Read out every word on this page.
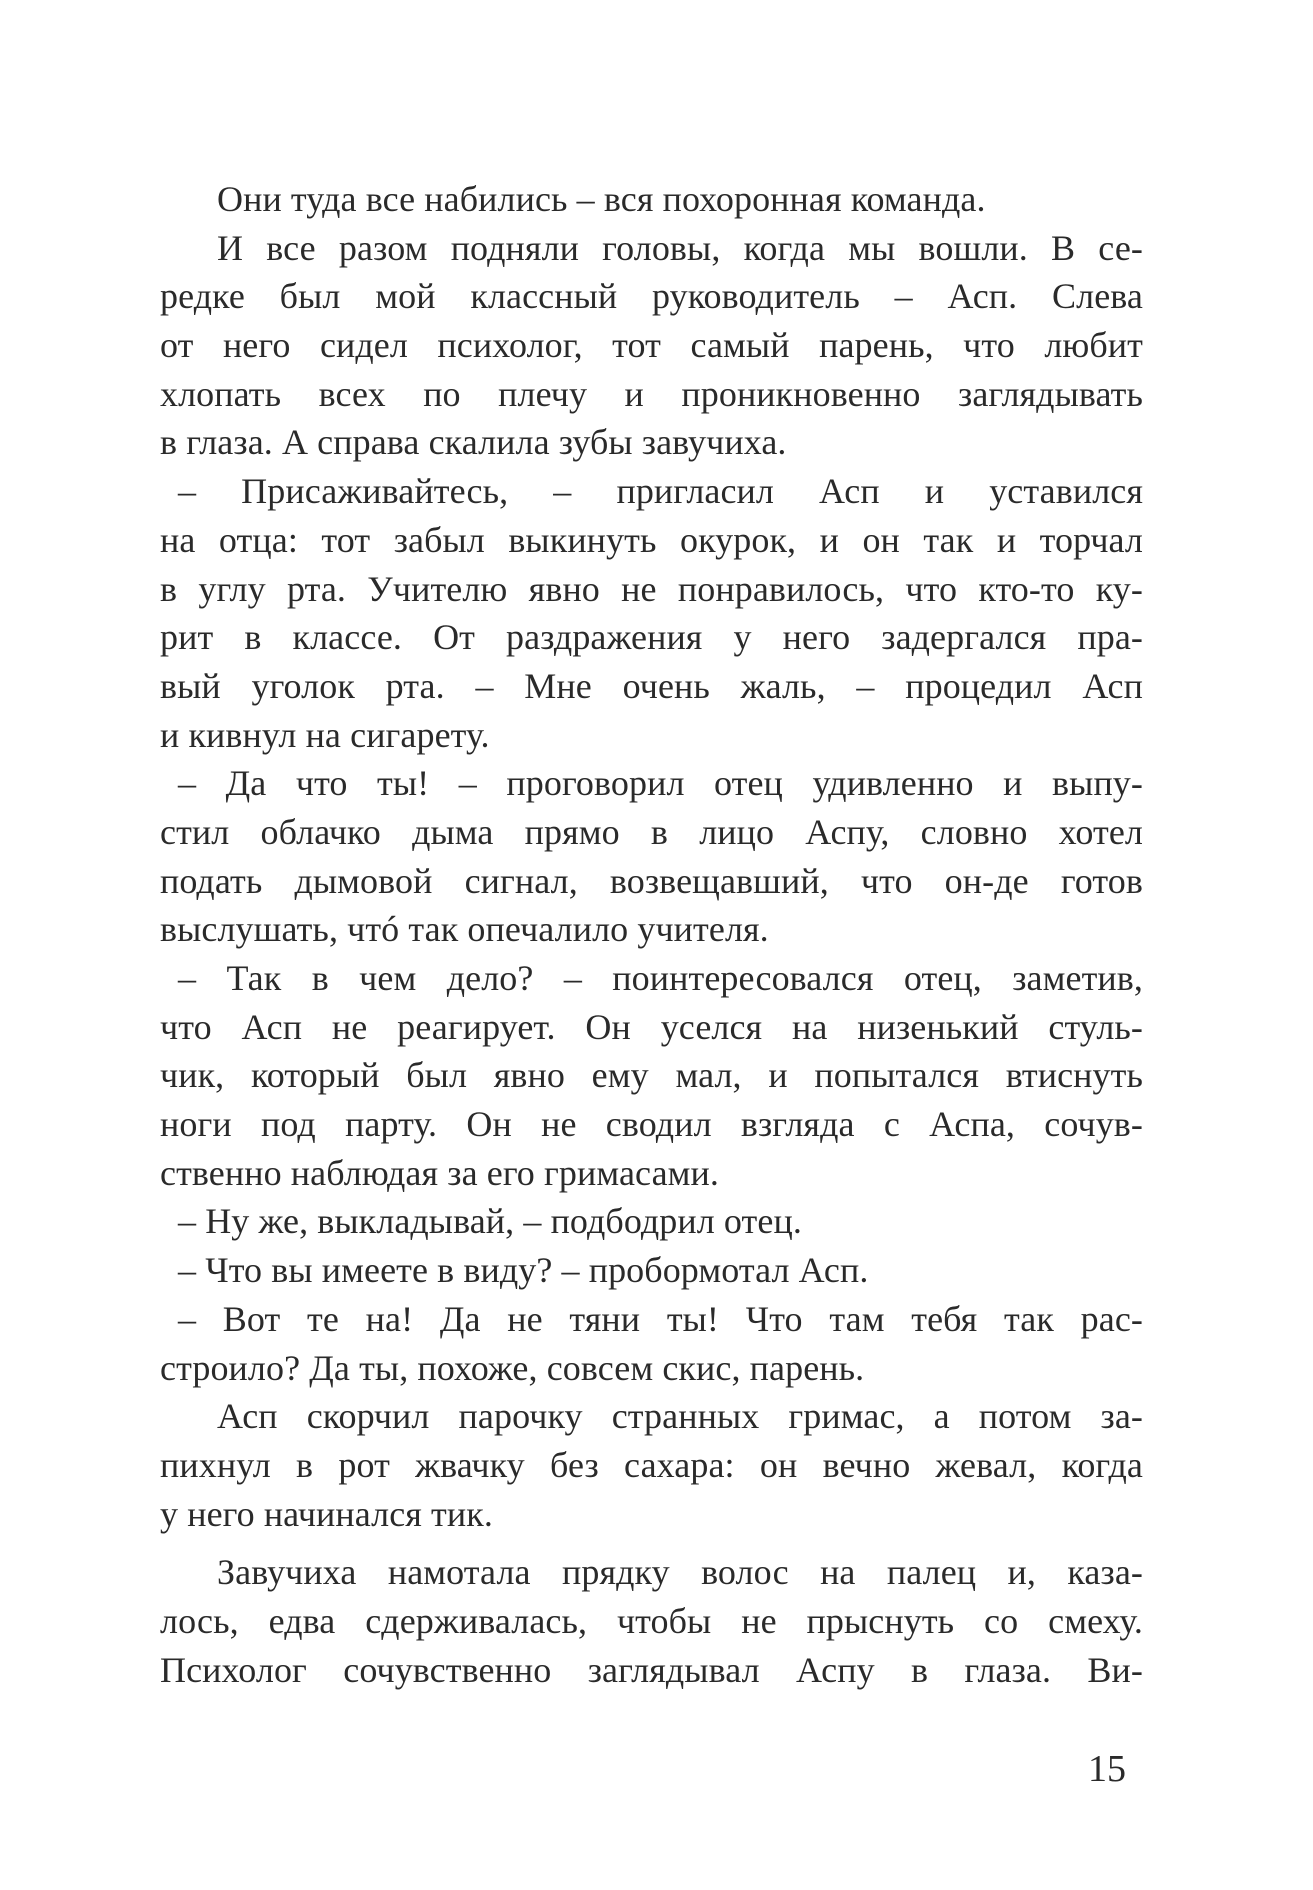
Они туда все набились – вся похоронная команда.
И все разом подняли головы, когда мы вошли. В се-
редке был мой классный руководитель – Асп. Слева
от него сидел психолог, тот самый парень, что любит
хлопать всех по плечу и проникновенно заглядывать
в глаза. А справа скалила зубы завучиха.
– Присаживайтесь, – пригласил Асп и уставился
на отца: тот забыл выкинуть окурок, и он так и торчал
в углу рта. Учителю явно не понравилось, что кто-то ку-
рит в классе. От раздражения у него задергался пра-
вый уголок рта. – Мне очень жаль, – процедил Асп
и кивнул на сигарету.
– Да что ты! – проговорил отец удивленно и выпу-
стил облачко дыма прямо в лицо Аспу, словно хотел
подать дымовой сигнал, возвещавший, что он-де готов
выслушать, чтó так опечалило учителя.
– Так в чем дело? – поинтересовался отец, заметив,
что Асп не реагирует. Он уселся на низенький стуль-
чик, который был явно ему мал, и попытался втиснуть
ноги под парту. Он не сводил взгляда с Аспа, сочув-
ственно наблюдая за его гримасами.
– Ну же, выкладывай, – подбодрил отец.
– Что вы имеете в виду? – пробормотал Асп.
– Вот те на! Да не тяни ты! Что там тебя так рас-
строило? Да ты, похоже, совсем скис, парень.
Асп скорчил парочку странных гримас, а потом за-
пихнул в рот жвачку без сахара: он вечно жевал, когда
у него начинался тик.
Завучиха намотала прядку волос на палец и, каза-
лось, едва сдерживалась, чтобы не прыснуть со смеху.
Психолог сочувственно заглядывал Аспу в глаза. Ви-
15
